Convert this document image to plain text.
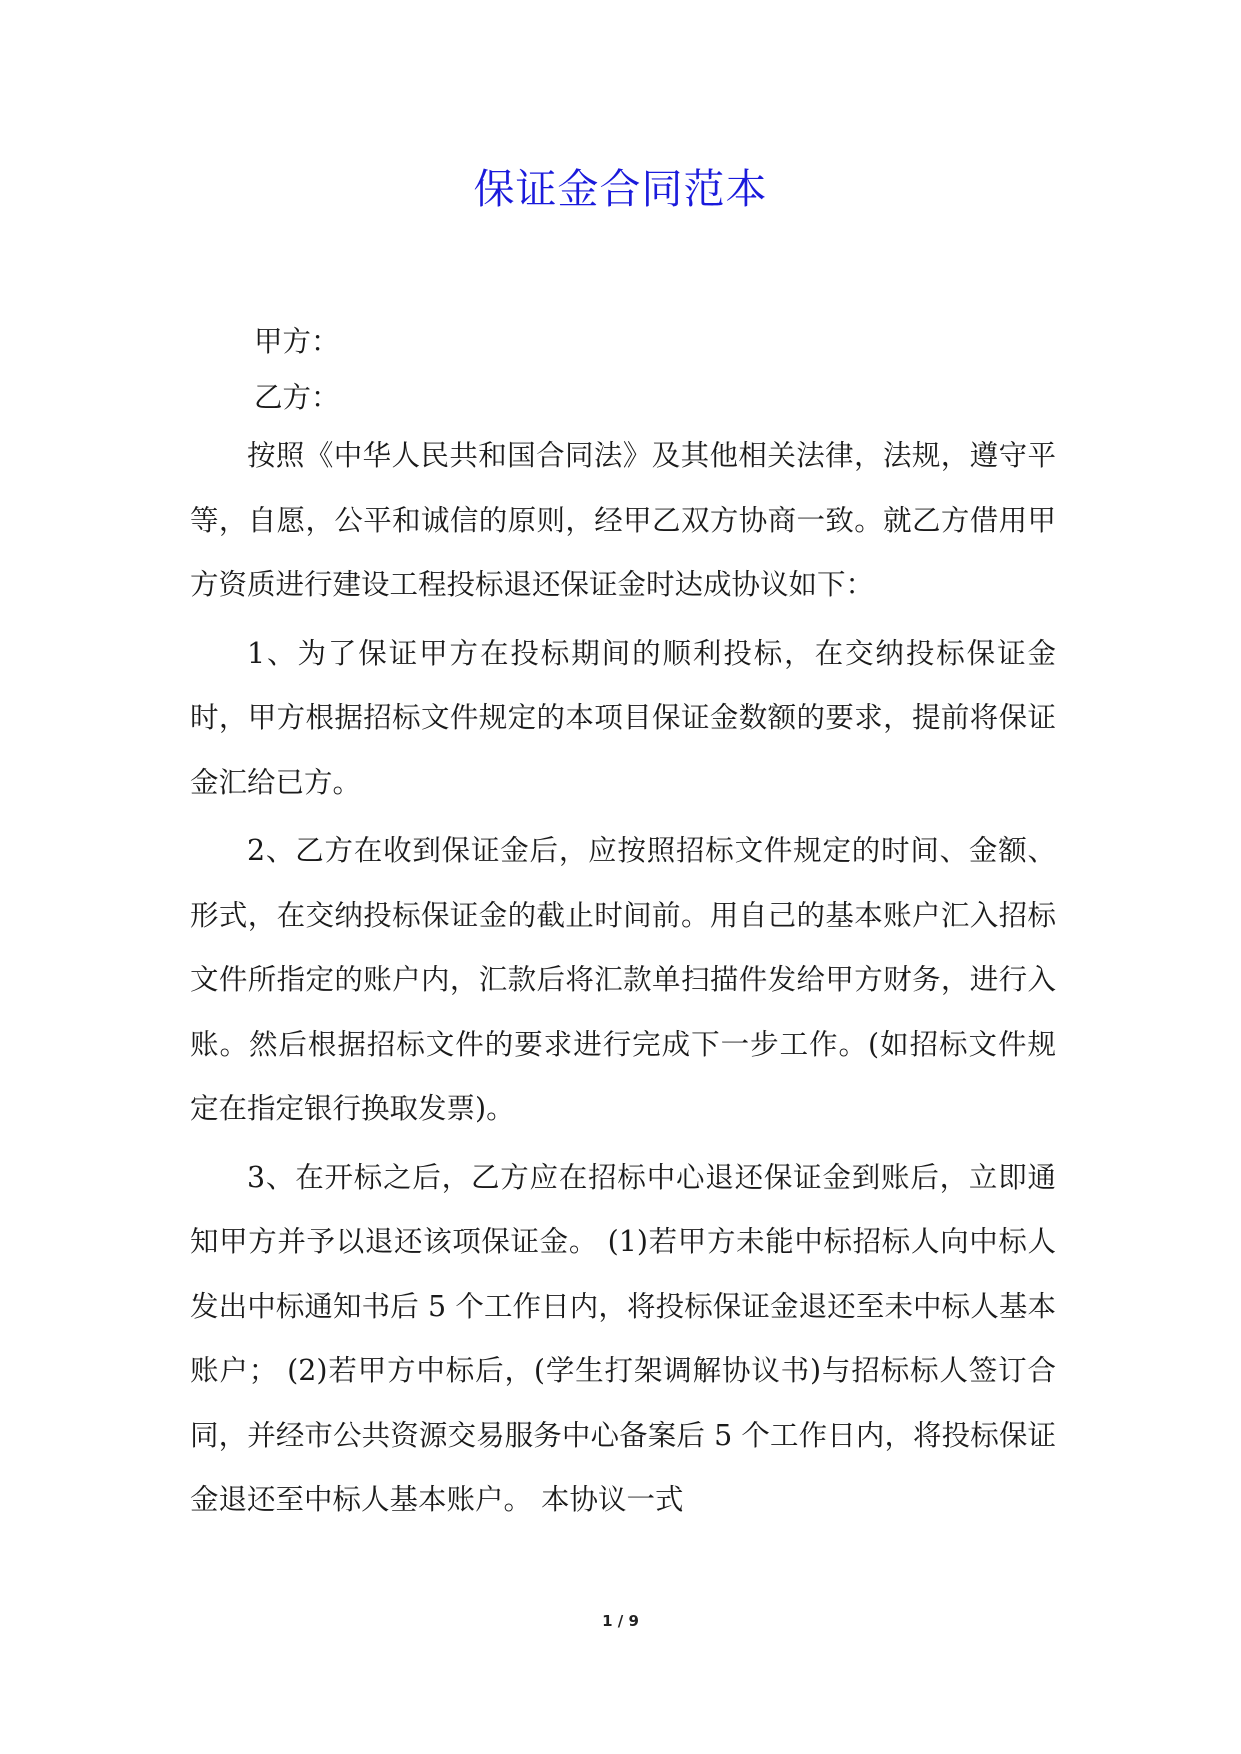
保证金合同范本
甲方：
乙方：

按照《中华人民共和国合同法》及其他相关法律，法规，遵守平等，自愿，公平和诚信的原则，经甲乙双方协商一致。就乙方借用甲方资质进行建设工程投标退还保证金时达成协议如下：

1、为了保证甲方在投标期间的顺利投标，在交纳投标保证金时，甲方根据招标文件规定的本项目保证金数额的要求，提前将保证金汇给已方。

2、乙方在收到保证金后，应按照招标文件规定的时间、金额、形式，在交纳投标保证金的截止时间前。用自己的基本账户汇入招标文件所指定的账户内，汇款后将汇款单扫描件发给甲方财务，进行入账。然后根据招标文件的要求进行完成下一步工作。(如招标文件规定在指定银行换取发票)。

3、在开标之后，乙方应在招标中心退还保证金到账后，立即通知甲方并予以退还该项保证金。 (1)若甲方未能中标招标人向中标人发出中标通知书后 5 个工作日内，将投标保证金退还至未中标人基本账户； (2)若甲方中标后，(学生打架调解协议书)与招标标人签订合同，并经市公共资源交易服务中心备案后 5 个工作日内，将投标保证金退还至中标人基本账户。 本协议一式

1 / 9
